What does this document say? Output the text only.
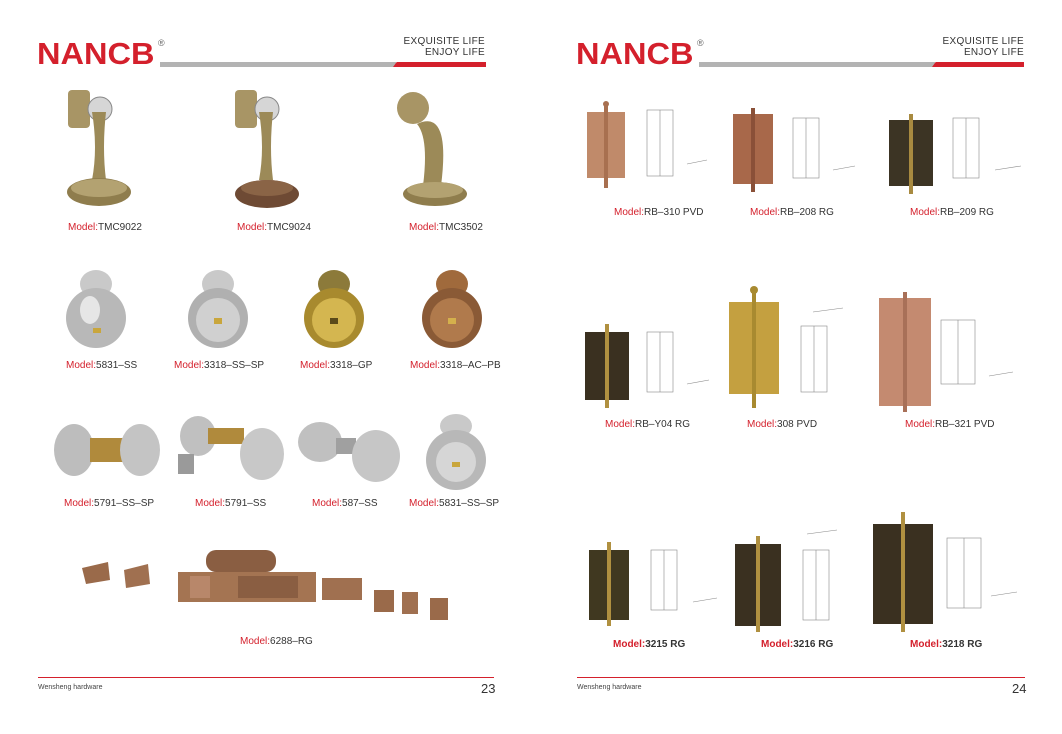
NANCB ®	EXQUISITE LIFE
ENJOY LIFE
Model:TMC9022	Model:TMC9024	Model:TMC3502
Model:5831–SS	Model:3318–SS–SP	Model:3318–GP	Model:3318–AC–PB
Model:5791–SS–SP	Model:5791–SS	Model:587–SS	Model:5831–SS–SP
Model:6288–RG
Wensheng hardware	23
NANCB ®	EXQUISITE LIFE
ENJOY LIFE
Model:RB–310 PVD	Model:RB–208 RG	Model:RB–209 RG
Model:RB–Y04 RG	Model:308 PVD	Model:RB–321 PVD
Model:3215 RG	Model:3216 RG	Model:3218 RG
Wensheng hardware	24
